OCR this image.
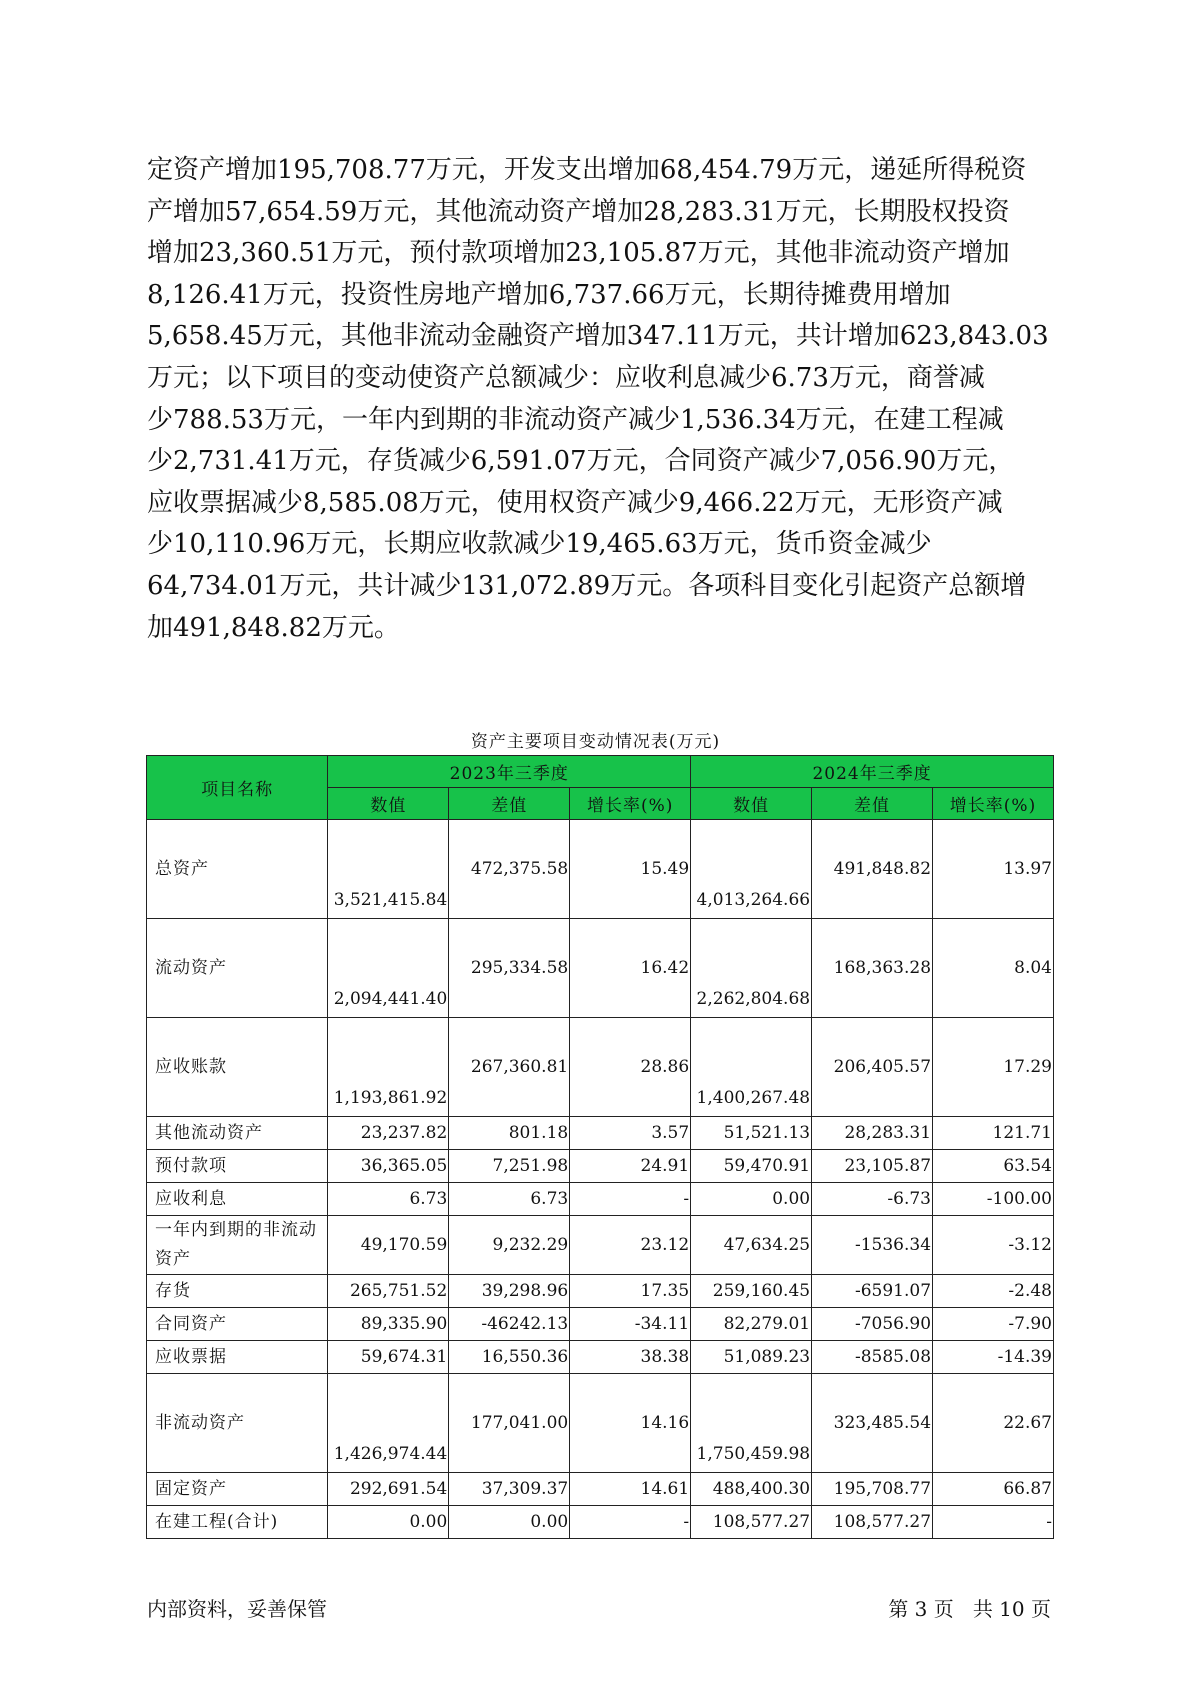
定资产增加195,708.77万元，开发支出增加68,454.79万元，递延所得税资
产增加57,654.59万元，其他流动资产增加28,283.31万元，长期股权投资
增加23,360.51万元，预付款项增加23,105.87万元，其他非流动资产增加
8,126.41万元，投资性房地产增加6,737.66万元，长期待摊费用增加
5,658.45万元，其他非流动金融资产增加347.11万元，共计增加623,843.03
万元；以下项目的变动使资产总额减少：应收利息减少6.73万元，商誉减
少788.53万元，一年内到期的非流动资产减少1,536.34万元，在建工程减
少2,731.41万元，存货减少6,591.07万元，合同资产减少7,056.90万元，
应收票据减少8,585.08万元，使用权资产减少9,466.22万元，无形资产减
少10,110.96万元，长期应收款减少19,465.63万元，货币资金减少
64,734.01万元，共计减少131,072.89万元。各项科目变化引起资产总额增
加491,848.82万元。
资产主要项目变动情况表(万元)
项目名称	2023年三季度			2024年三季度		
	数值	差值	增长率(%)	数值	差值	增长率(%)
总资产	3,521,415.84	472,375.58	15.49	4,013,264.66	491,848.82	13.97
流动资产	2,094,441.40	295,334.58	16.42	2,262,804.68	168,363.28	8.04
应收账款	1,193,861.92	267,360.81	28.86	1,400,267.48	206,405.57	17.29
其他流动资产	23,237.82	801.18	3.57	51,521.13	28,283.31	121.71
预付款项	36,365.05	7,251.98	24.91	59,470.91	23,105.87	63.54
应收利息	6.73	6.73	-	0.00	-6.73	-100.00
一年内到期的非流动资产	49,170.59	9,232.29	23.12	47,634.25	-1536.34	-3.12
存货	265,751.52	39,298.96	17.35	259,160.45	-6591.07	-2.48
合同资产	89,335.90	-46242.13	-34.11	82,279.01	-7056.90	-7.90
应收票据	59,674.31	16,550.36	38.38	51,089.23	-8585.08	-14.39
非流动资产	1,426,974.44	177,041.00	14.16	1,750,459.98	323,485.54	22.67
固定资产	292,691.54	37,309.37	14.61	488,400.30	195,708.77	66.87
在建工程(合计)	0.00	0.00	-	108,577.27	108,577.27	-
内部资料，妥善保管	第 3 页   共 10 页
